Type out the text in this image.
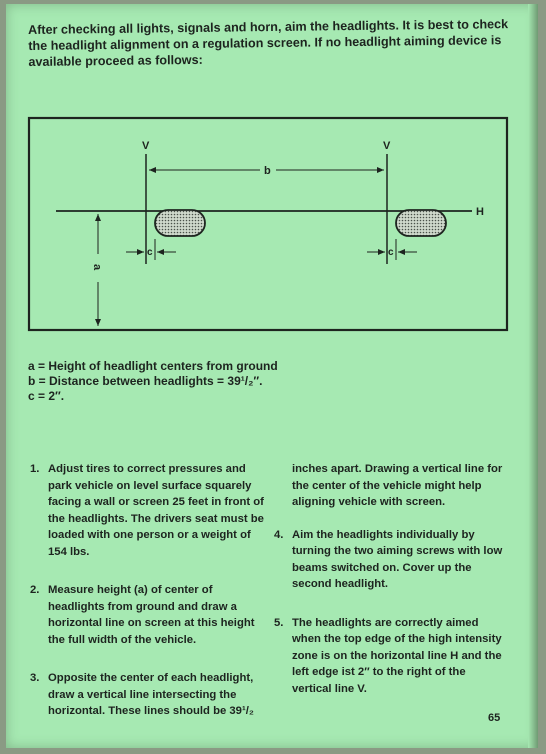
After checking all lights, signals and horn, aim the headlights. It is best to check the headlight alignment on a regulation screen. If no headlight aiming device is available proceed as follows:
H
V	V
b
c	c
a
a = Height of headlight centers from ground
b = Distance between headlights = 39¹/₂″.
c = 2″.

1. Adjust tires to correct pressures and park vehicle on level surface squarely facing a wall or screen 25 feet in front of the headlights. The drivers seat must be loaded with one person or a weight of 154 lbs.

2. Measure height (a) of center of headlights from ground and draw a horizontal line on screen at this height the full width of the vehicle.

3. Opposite the center of each headlight, draw a vertical line intersecting the horizontal. These lines should be 39¹/₂

inches apart. Drawing a vertical line for the center of the vehicle might help aligning vehicle with screen.

4. Aim the headlights individually by turning the two aiming screws with low beams switched on. Cover up the second headlight.

5. The headlights are correctly aimed when the top edge of the high intensity zone is on the horizontal line H and the left edge ist 2″ to the right of the vertical line V.

65
